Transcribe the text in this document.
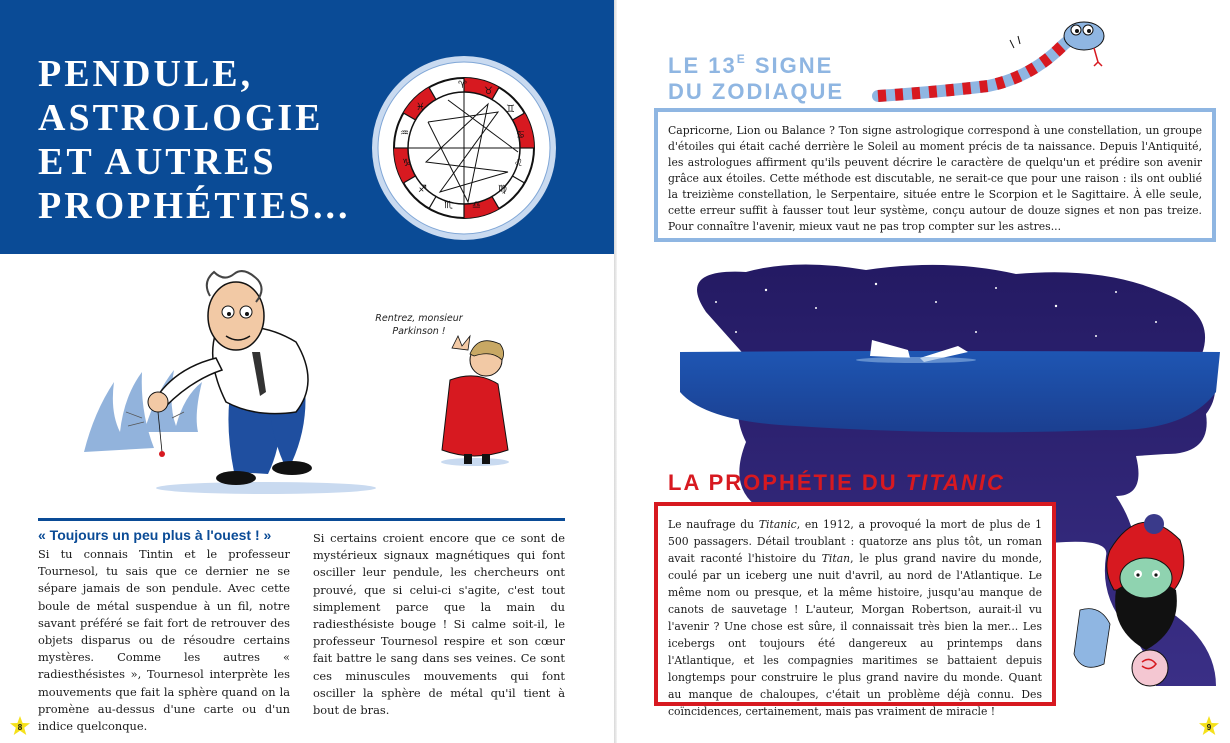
PENDULE,
ASTROLOGIE
ET AUTRES
PROPHÉTIES...
♈
♉
♊
♋
♌
♍
♎
♏
♐
♑
♒
♓
Rentrez, monsieur Parkinson !
« Toujours un peu plus à l'ouest ! »
Si tu connais Tintin et le professeur Tournesol, tu sais que ce dernier ne se sépare jamais de son pendule. Avec cette boule de métal suspendue à un fil, notre savant préféré se fait fort de retrouver des objets disparus ou de résoudre certains mystères. Comme les autres « radiesthésistes », Tournesol interprète les mouvements que fait la sphère quand on la promène au-dessus d'une carte ou d'un indice quelconque.
Si certains croient encore que ce sont de mystérieux signaux magnétiques qui font osciller leur pendule, les chercheurs ont prouvé, que si celui-ci s'agite, c'est tout simplement parce que la main du radiesthésiste bouge ! Si calme soit-il, le professeur Tournesol respire et son cœur fait battre le sang dans ses veines. Ce sont ces minuscules mouvements qui font osciller la sphère de métal qu'il tient à bout de bras.
8
LE $13^E$ SIGNE
DU ZODIAQUE

Capricorne, Lion ou Balance ? Ton signe astrologique correspond à une constellation, un groupe d'étoiles qui était caché derrière le Soleil au moment précis de ta naissance. Depuis l'Antiquité, les astrologues affirment qu'ils peuvent décrire le caractère de quelqu'un et prédire son avenir grâce aux étoiles. Cette méthode est discutable, ne serait-ce que pour une raison : ils ont oublié la treizième constellation, le Serpentaire, située entre le Scorpion et le Sagittaire. À elle seule, cette erreur suffit à fausser tout leur système, conçu autour de douze signes et non pas treize. Pour connaître l'avenir, mieux vaut ne pas trop compter sur les astres...

LA PROPHÉTIE DU TITANIC

Le naufrage du Titanic, en 1912, a provoqué la mort de plus de 1 500 passagers. Détail troublant : quatorze ans plus tôt, un roman avait raconté l'histoire du Titan, le plus grand navire du monde, coulé par un iceberg une nuit d'avril, au nord de l'Atlantique. Le même nom ou presque, et la même histoire, jusqu'au manque de canots de sauvetage ! L'auteur, Morgan Robertson, aurait-il vu l'avenir ? Une chose est sûre, il connaissait très bien la mer... Les icebergs ont toujours été dangereux au printemps dans l'Atlantique, et les compagnies maritimes se battaient depuis longtemps pour construire le plus grand navire du monde. Quant au manque de chaloupes, c'était un problème déjà connu. Des coïncidences, certainement, mais pas vraiment de miracle !

9
